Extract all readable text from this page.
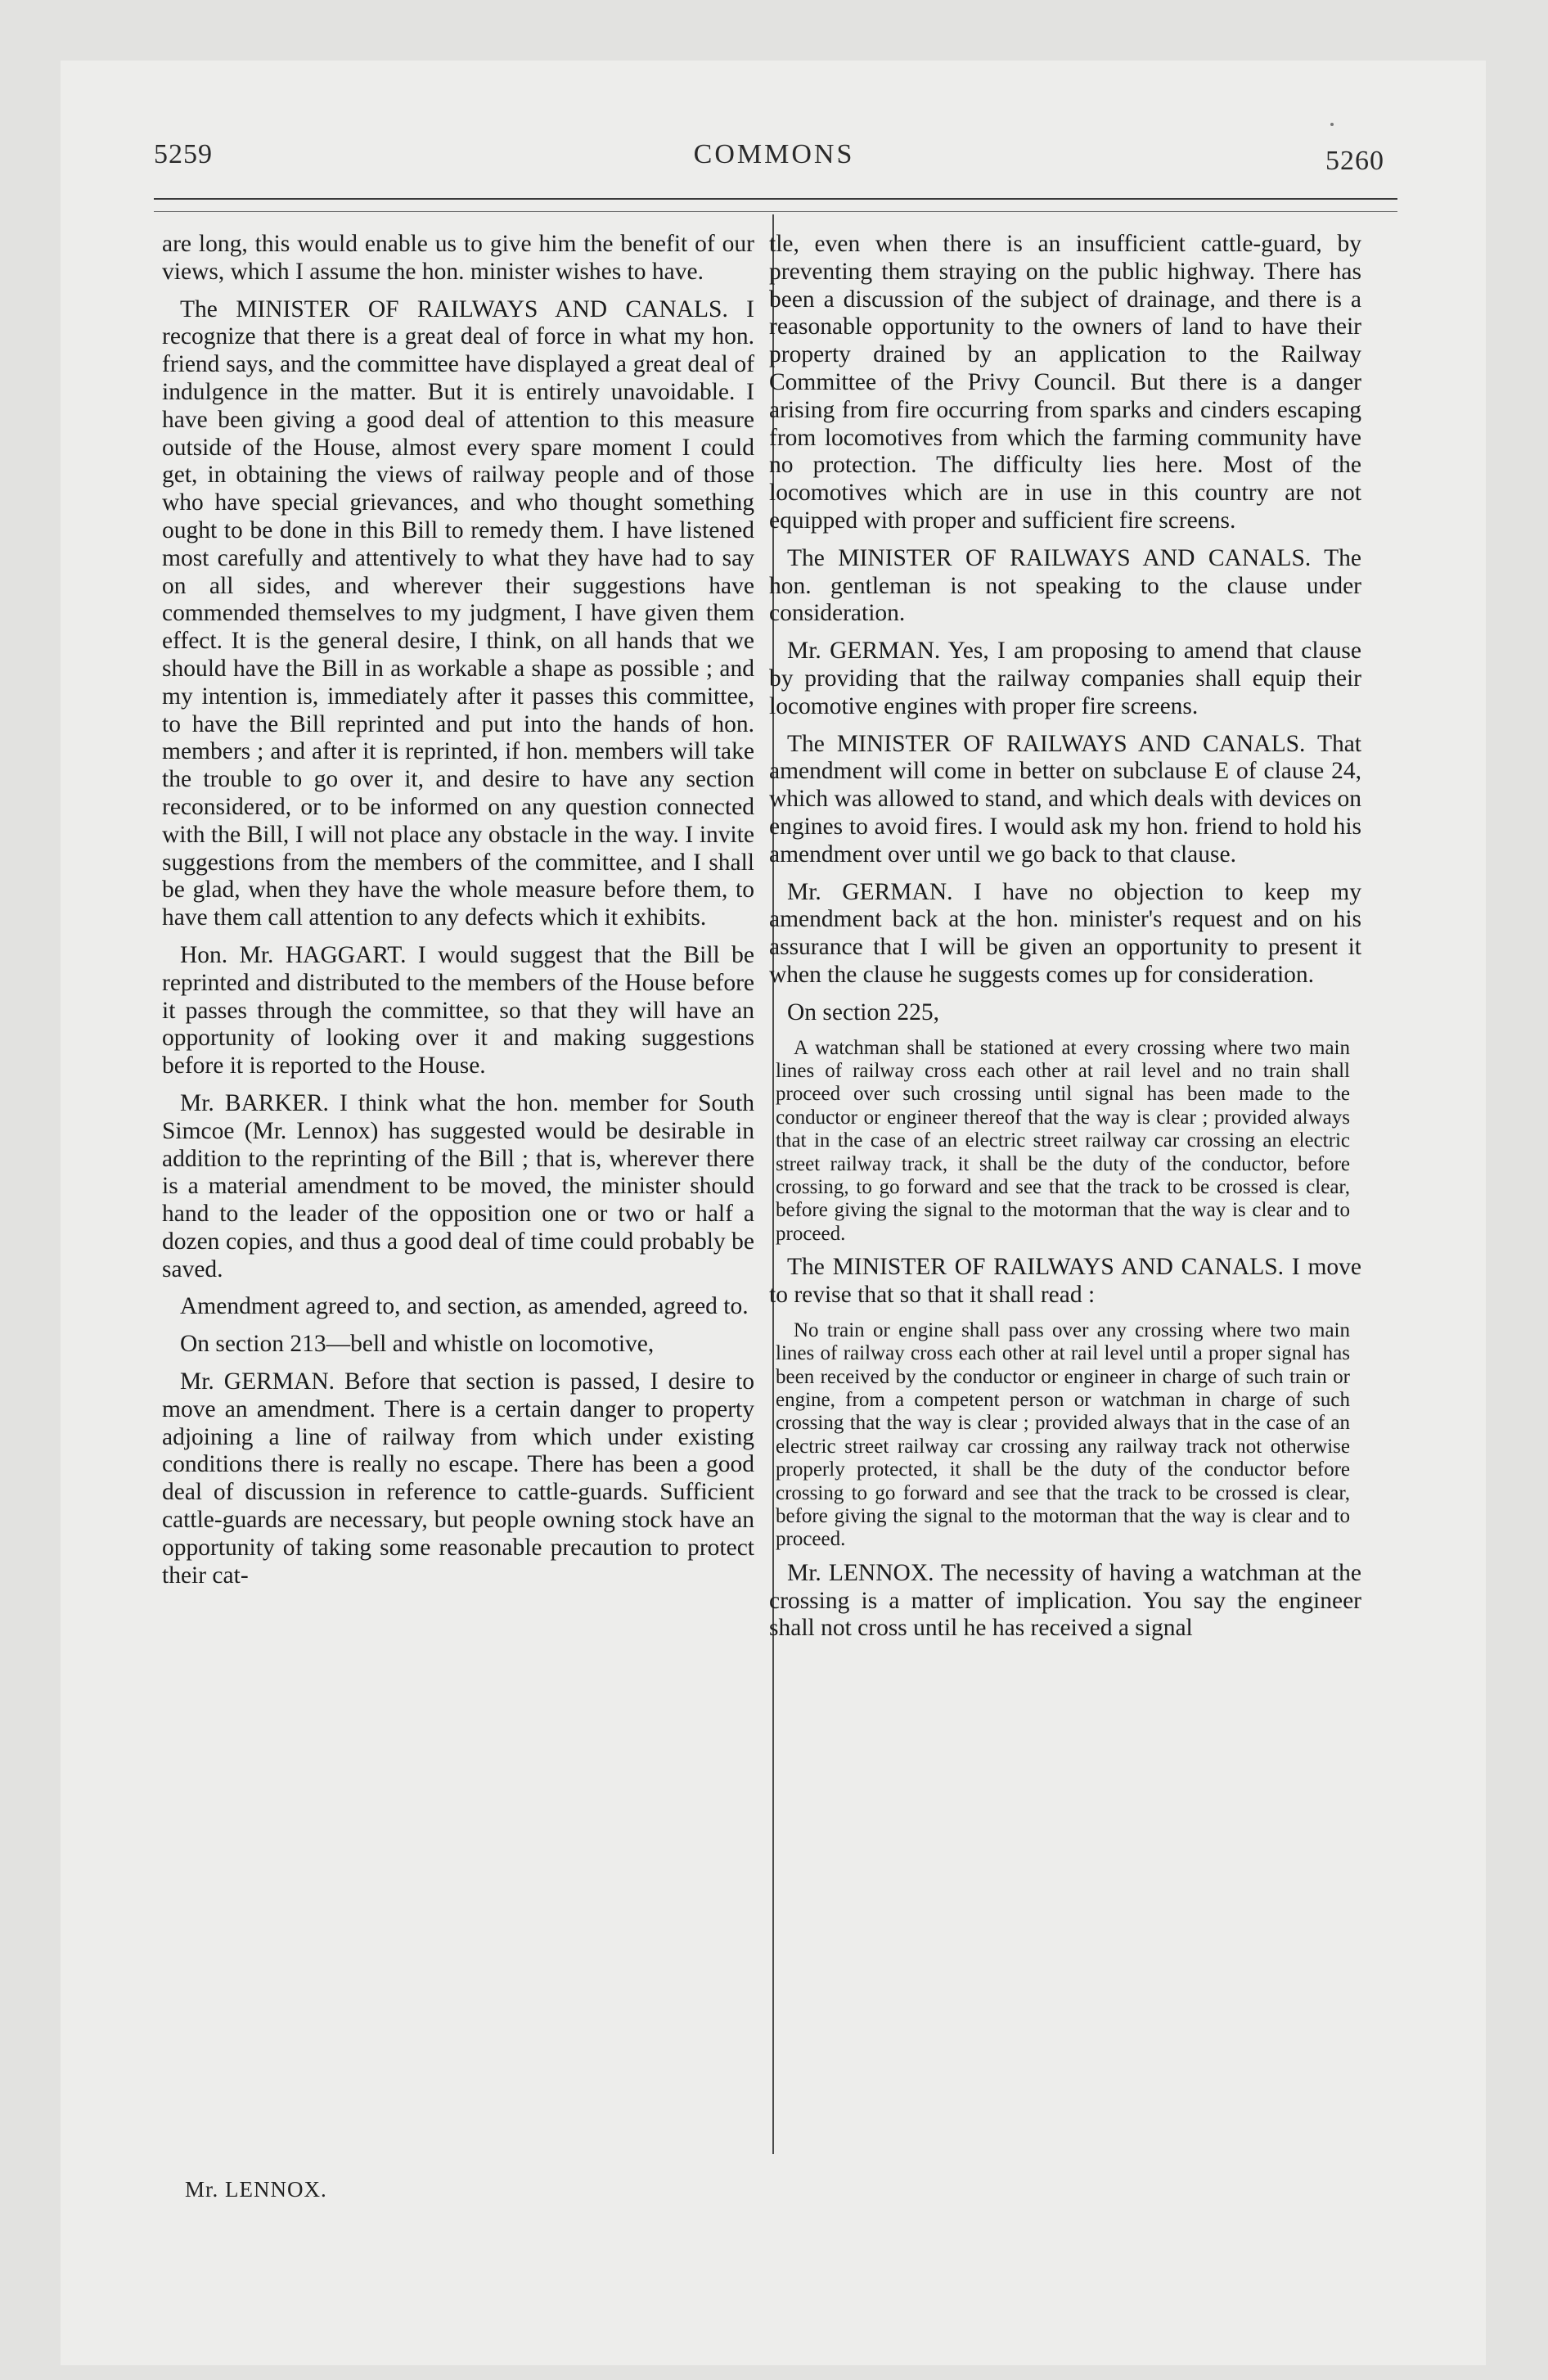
5259	COMMONS	5260

are long, this would enable us to give him the benefit of our views, which I assume the hon. minister wishes to have.

The MINISTER OF RAILWAYS AND CANALS. I recognize that there is a great deal of force in what my hon. friend says, and the committee have displayed a great deal of indulgence in the matter. But it is entirely unavoidable. I have been giving a good deal of attention to this measure outside of the House, almost every spare moment I could get, in obtaining the views of railway people and of those who have special grievances, and who thought something ought to be done in this Bill to remedy them. I have listened most carefully and attentively to what they have had to say on all sides, and wherever their suggestions have commended themselves to my judgment, I have given them effect. It is the general desire, I think, on all hands that we should have the Bill in as workable a shape as possible ; and my intention is, immediately after it passes this committee, to have the Bill reprinted and put into the hands of hon. members ; and after it is reprinted, if hon. members will take the trouble to go over it, and desire to have any section reconsidered, or to be informed on any question connected with the Bill, I will not place any obstacle in the way. I invite suggestions from the members of the committee, and I shall be glad, when they have the whole measure before them, to have them call attention to any defects which it exhibits.

Hon. Mr. HAGGART. I would suggest that the Bill be reprinted and distributed to the members of the House before it passes through the committee, so that they will have an opportunity of looking over it and making suggestions before it is reported to the House.

Mr. BARKER. I think what the hon. member for South Simcoe (Mr. Lennox) has suggested would be desirable in addition to the reprinting of the Bill ; that is, wherever there is a material amendment to be moved, the minister should hand to the leader of the opposition one or two or half a dozen copies, and thus a good deal of time could probably be saved.

Amendment agreed to, and section, as amended, agreed to.

On section 213—bell and whistle on locomotive,

Mr. GERMAN. Before that section is passed, I desire to move an amendment. There is a certain danger to property adjoining a line of railway from which under existing conditions there is really no escape. There has been a good deal of discussion in reference to cattle-guards. Sufficient cattle-guards are necessary, but people owning stock have an opportunity of taking some reasonable precaution to protect their cat-

tle, even when there is an insufficient cattle-guard, by preventing them straying on the public highway. There has been a discussion of the subject of drainage, and there is a reasonable opportunity to the owners of land to have their property drained by an application to the Railway Committee of the Privy Council. But there is a danger arising from fire occurring from sparks and cinders escaping from locomotives from which the farming community have no protection. The difficulty lies here. Most of the locomotives which are in use in this country are not equipped with proper and sufficient fire screens.

The MINISTER OF RAILWAYS AND CANALS. The hon. gentleman is not speaking to the clause under consideration.

Mr. GERMAN. Yes, I am proposing to amend that clause by providing that the railway companies shall equip their locomotive engines with proper fire screens.

The MINISTER OF RAILWAYS AND CANALS. That amendment will come in better on subclause E of clause 24, which was allowed to stand, and which deals with devices on engines to avoid fires. I would ask my hon. friend to hold his amendment over until we go back to that clause.

Mr. GERMAN. I have no objection to keep my amendment back at the hon. minister's request and on his assurance that I will be given an opportunity to present it when the clause he suggests comes up for consideration.

On section 225,

A watchman shall be stationed at every crossing where two main lines of railway cross each other at rail level and no train shall proceed over such crossing until signal has been made to the conductor or engineer thereof that the way is clear ; provided always that in the case of an electric street railway car crossing an electric street railway track, it shall be the duty of the conductor, before crossing, to go forward and see that the track to be crossed is clear, before giving the signal to the motorman that the way is clear and to proceed.

The MINISTER OF RAILWAYS AND CANALS. I move to revise that so that it shall read :

No train or engine shall pass over any crossing where two main lines of railway cross each other at rail level until a proper signal has been received by the conductor or engineer in charge of such train or engine, from a competent person or watchman in charge of such crossing that the way is clear ; provided always that in the case of an electric street railway car crossing any railway track not otherwise properly protected, it shall be the duty of the conductor before crossing to go forward and see that the track to be crossed is clear, before giving the signal to the motorman that the way is clear and to proceed.

Mr. LENNOX. The necessity of having a watchman at the crossing is a matter of implication. You say the engineer shall not cross until he has received a signal

Mr. LENNOX.
